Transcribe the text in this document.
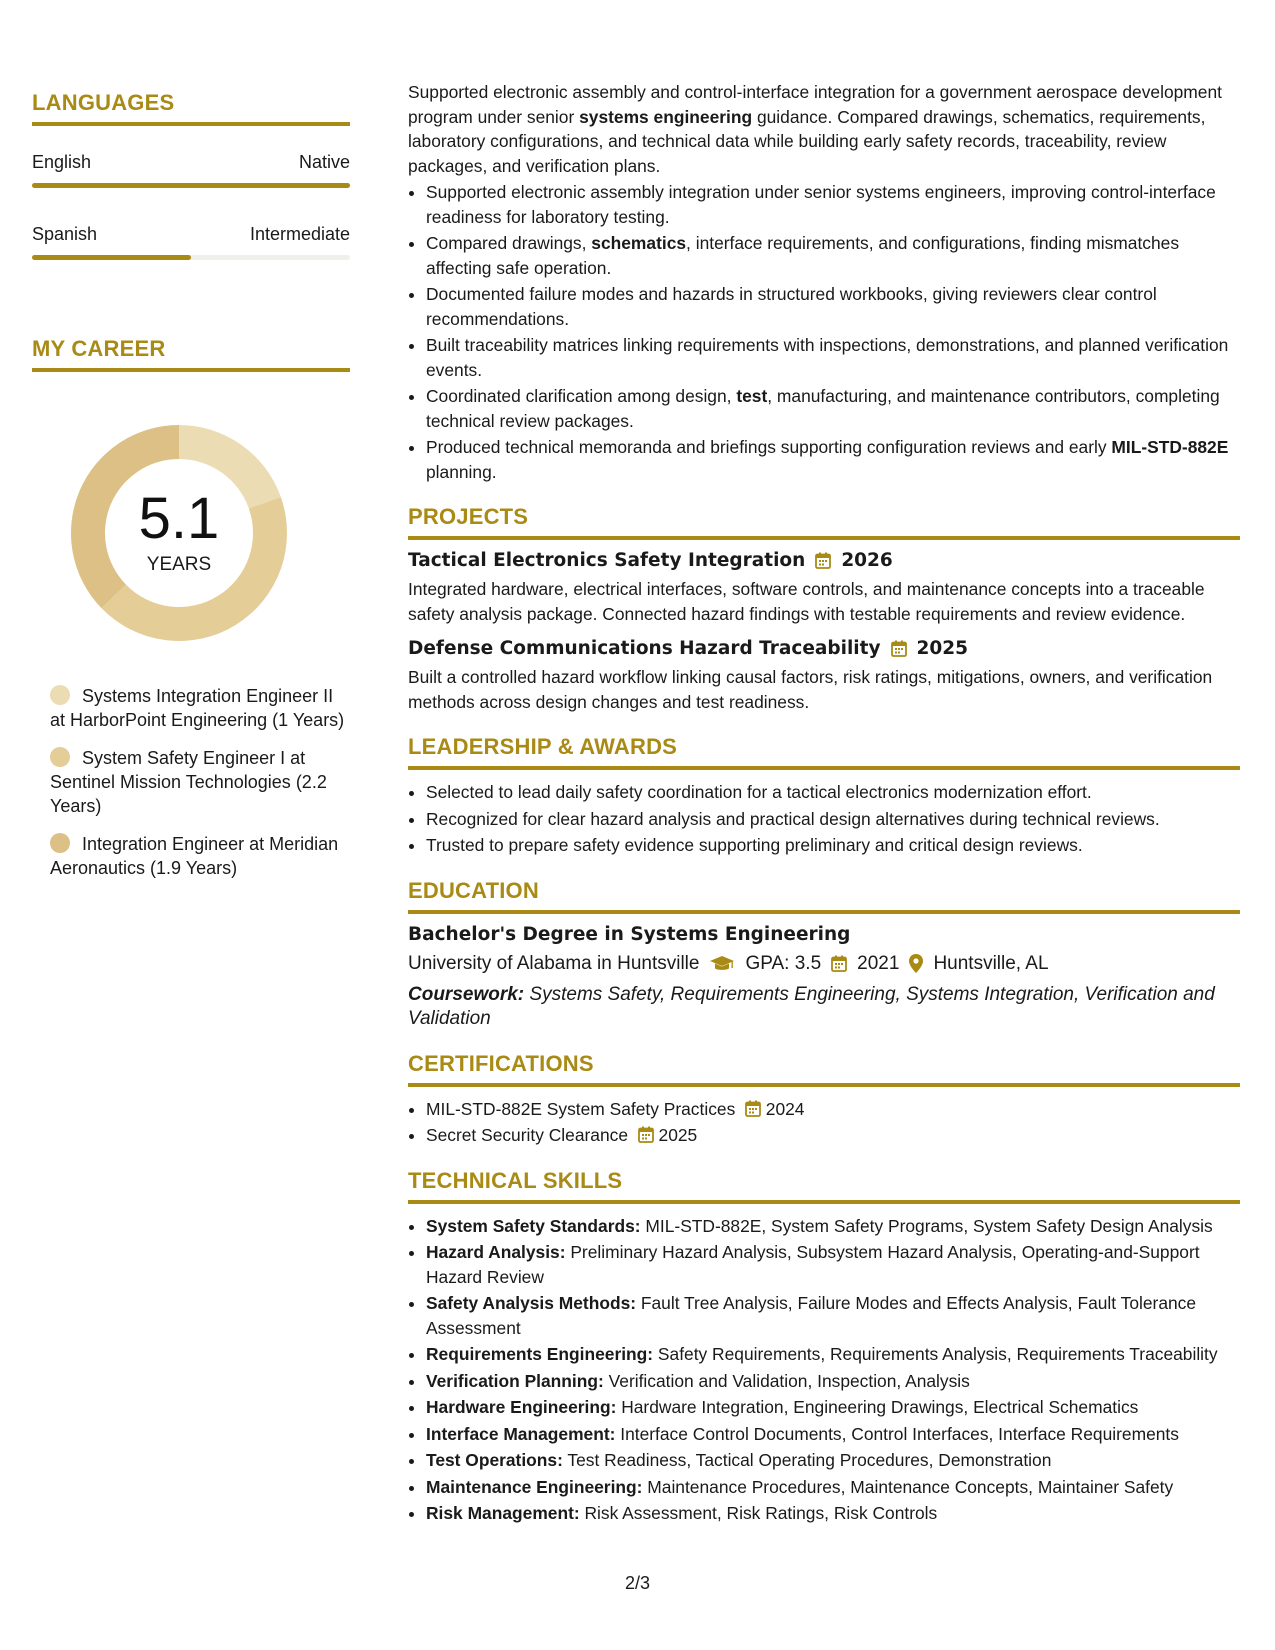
LANGUAGES
English	Native
Spanish	Intermediate
MY CAREER
5.1
YEARS
Systems Integration Engineer II at HarborPoint Engineering (1 Years)
System Safety Engineer I at Sentinel Mission Technologies (2.2 Years)
Integration Engineer at Meridian Aeronautics (1.9 Years)

Supported electronic assembly and control-interface integration for a government aerospace development program under senior systems engineering guidance. Compared drawings, schematics, requirements, laboratory configurations, and technical data while building early safety records, traceability, review packages, and verification plans.

• Supported electronic assembly integration under senior systems engineers, improving control-interface readiness for laboratory testing.
• Compared drawings, schematics, interface requirements, and configurations, finding mismatches affecting safe operation.
• Documented failure modes and hazards in structured workbooks, giving reviewers clear control recommendations.
• Built traceability matrices linking requirements with inspections, demonstrations, and planned verification events.
• Coordinated clarification among design, test, manufacturing, and maintenance contributors, completing technical review packages.
• Produced technical memoranda and briefings supporting configuration reviews and early MIL-STD-882E planning.
PROJECTS
Tactical Electronics Safety Integration 2026

Integrated hardware, electrical interfaces, software controls, and maintenance concepts into a traceable safety analysis package. Connected hazard findings with testable requirements and review evidence.

Defense Communications Hazard Traceability 2025

Built a controlled hazard workflow linking causal factors, risk ratings, mitigations, owners, and verification methods across design changes and test readiness.

LEADERSHIP & AWARDS
• Selected to lead daily safety coordination for a tactical electronics modernization effort.
• Recognized for clear hazard analysis and practical design alternatives during technical reviews.
• Trusted to prepare safety evidence supporting preliminary and critical design reviews.
EDUCATION
Bachelor's Degree in Systems Engineering
University of Alabama in Huntsville GPA: 3.5 2021 Huntsville, AL
Coursework: Systems Safety, Requirements Engineering, Systems Integration, Verification and Validation
CERTIFICATIONS
• MIL-STD-882E System Safety Practices 2024
• Secret Security Clearance 2025
TECHNICAL SKILLS
• System Safety Standards: MIL-STD-882E, System Safety Programs, System Safety Design Analysis
• Hazard Analysis: Preliminary Hazard Analysis, Subsystem Hazard Analysis, Operating-and-Support Hazard Review
• Safety Analysis Methods: Fault Tree Analysis, Failure Modes and Effects Analysis, Fault Tolerance Assessment
• Requirements Engineering: Safety Requirements, Requirements Analysis, Requirements Traceability
• Verification Planning: Verification and Validation, Inspection, Analysis
• Hardware Engineering: Hardware Integration, Engineering Drawings, Electrical Schematics
• Interface Management: Interface Control Documents, Control Interfaces, Interface Requirements
• Test Operations: Test Readiness, Tactical Operating Procedures, Demonstration
• Maintenance Engineering: Maintenance Procedures, Maintenance Concepts, Maintainer Safety
• Risk Management: Risk Assessment, Risk Ratings, Risk Controls
2/3
